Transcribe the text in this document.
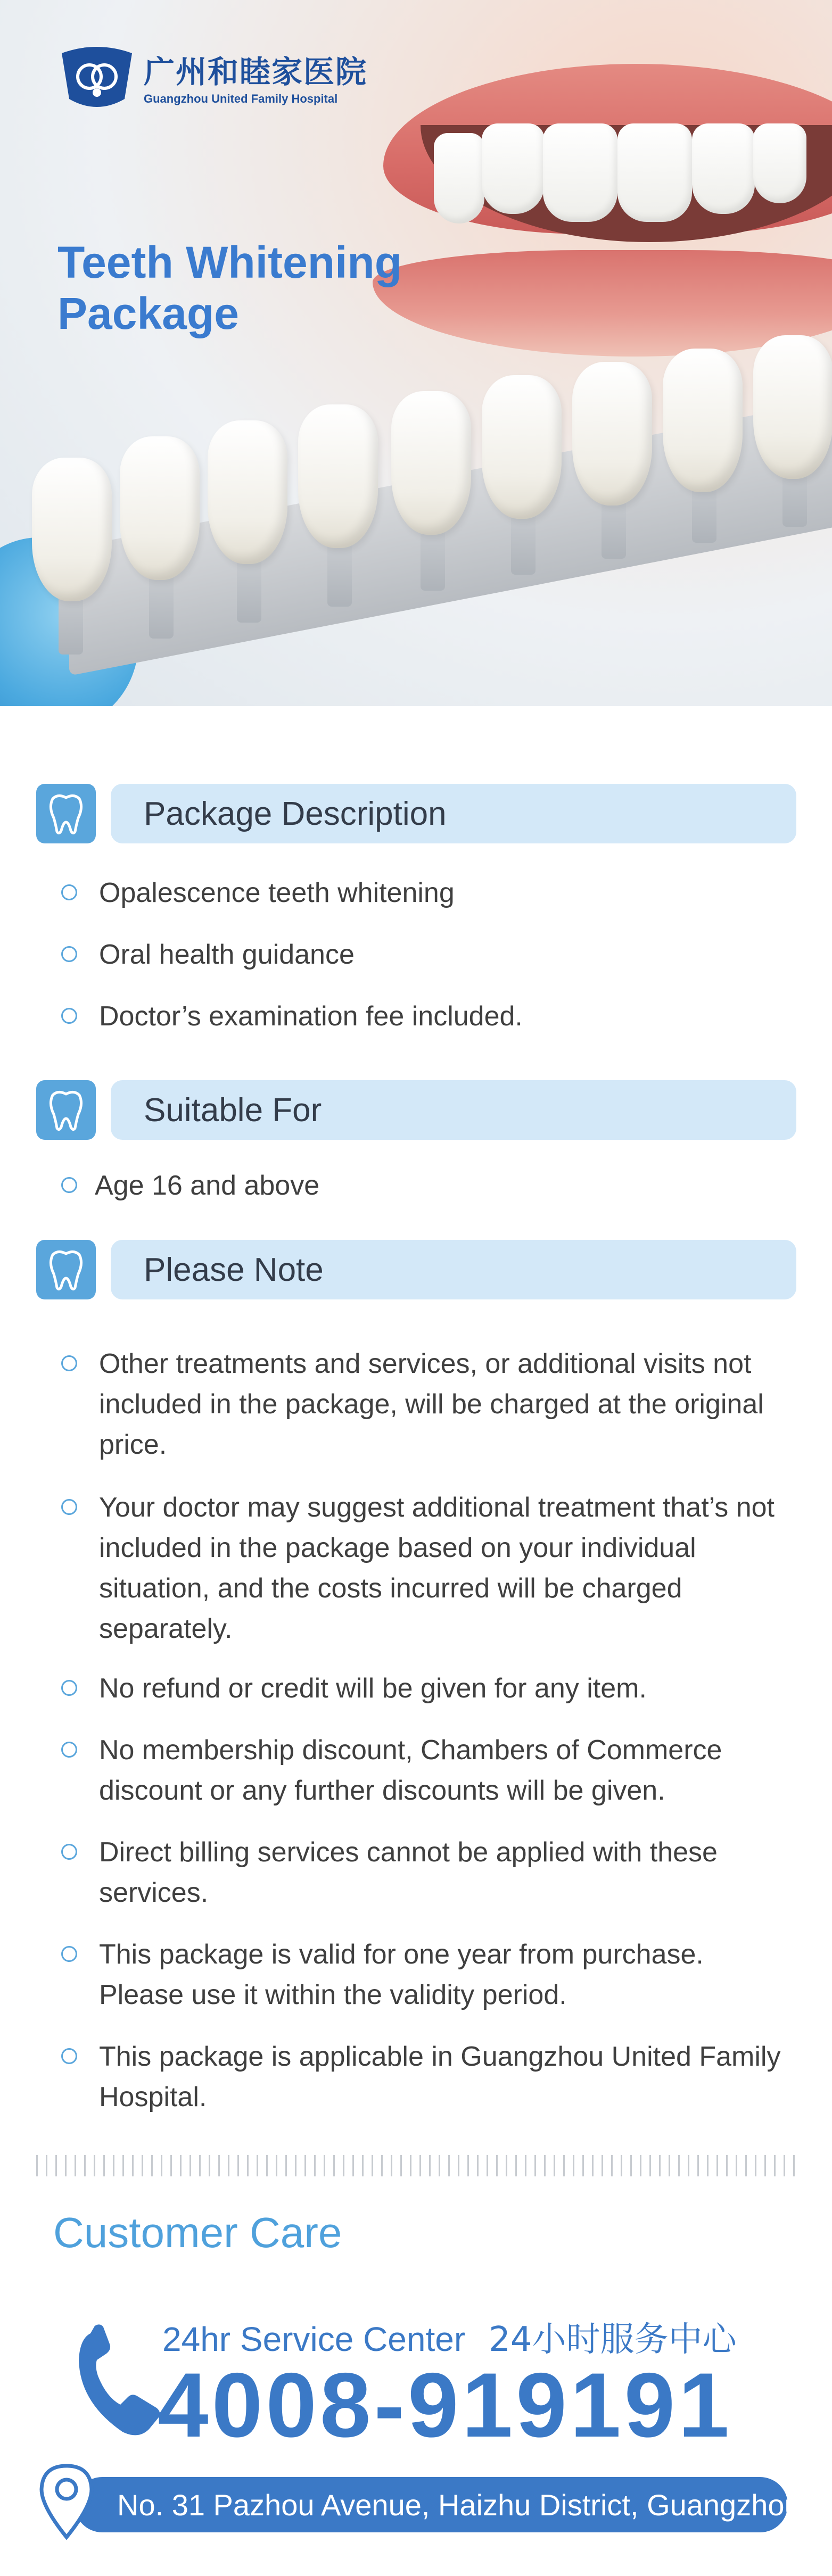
广州和睦家医院
Guangzhou United Family Hospital
Teeth Whitening
Package
Package Description
Opalescence teeth whitening
Oral health guidance
Doctor’s examination fee included.
Suitable For
Age 16 and above
Please Note
Other treatments and services, or additional visits not included in the package, will be charged at the original price.
Your doctor may suggest additional treatment that’s not included in the package based on your individual situation, and the costs incurred will be charged separately.
No refund or credit will be given for any item.
No membership discount, Chambers of Commerce discount or any further discounts will be given.
Direct billing services cannot be applied with these services.
This package is valid for one year from purchase. Please use it within the validity period.
This package is applicable in Guangzhou United Family Hospital.
Customer Care
24hr Service Center 24小时服务中心
4008-919191
No. 31 Pazhou Avenue, Haizhu District, Guangzhou
